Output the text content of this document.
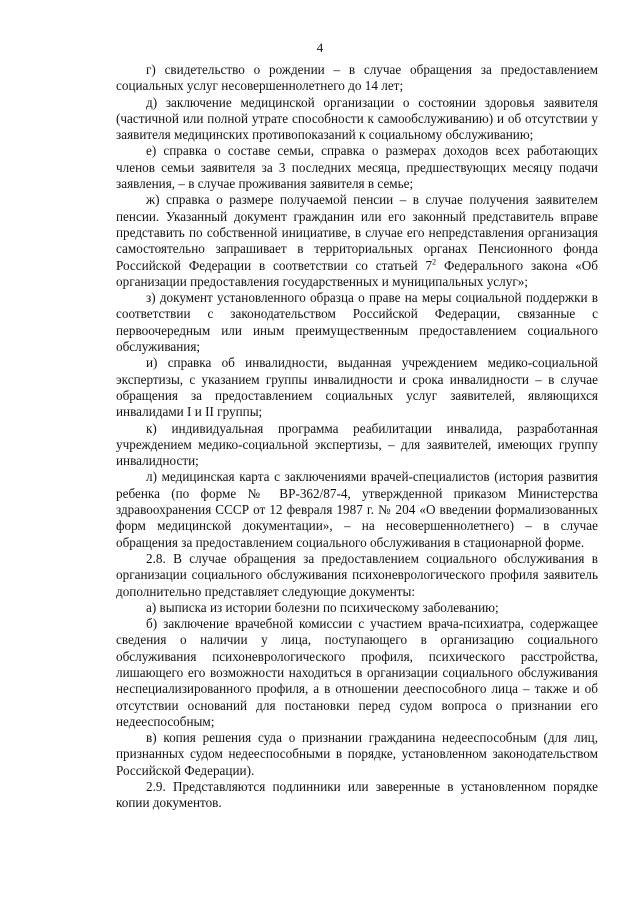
4

г) свидетельство о рождении – в случае обращения за предоставлением социальных услуг несовершеннолетнего до 14 лет;

д) заключение медицинской организации о состоянии здоровья заявителя (частичной или полной утрате способности к самообслуживанию) и об отсутствии у заявителя медицинских противопоказаний к социальному обслуживанию;

е) справка о составе семьи, справка о размерах доходов всех работающих членов семьи заявителя за 3 последних месяца, предшествующих месяцу подачи заявления, – в случае проживания заявителя в семье;

ж) справка о размере получаемой пенсии – в случае получения заявителем пенсии. Указанный документ гражданин или его законный представитель вправе представить по собственной инициативе, в случае его непредставления организация самостоятельно запрашивает в территориальных органах Пенсионного фонда Российской Федерации в соответствии со статьей $7^2$ Федерального закона «Об организации предоставления государственных и муниципальных услуг»;

з) документ установленного образца о праве на меры социальной поддержки в соответствии с законодательством Российской Федерации, связанные с первоочередным или иным преимущественным предоставлением социального обслуживания;

и) справка об инвалидности, выданная учреждением медико-социальной экспертизы, с указанием группы инвалидности и срока инвалидности – в случае обращения за предоставлением социальных услуг заявителей, являющихся инвалидами I и II группы;

к) индивидуальная программа реабилитации инвалида, разработанная учреждением медико-социальной экспертизы, – для заявителей, имеющих группу инвалидности;

л) медицинская карта с заключениями врачей-специалистов (история развития ребенка (по форме № ВР-362/87-4, утвержденной приказом Министерства здравоохранения СССР от 12 февраля 1987 г. № 204 «О введении формализованных форм медицинской документации», – на несовершеннолетнего) – в случае обращения за предоставлением социального обслуживания в стационарной форме.

2.8. В случае обращения за предоставлением социального обслуживания в организации социального обслуживания психоневрологического профиля заявитель дополнительно представляет следующие документы:

а) выписка из истории болезни по психическому заболеванию;

б) заключение врачебной комиссии с участием врача-психиатра, содержащее сведения о наличии у лица, поступающего в организацию социального обслуживания психоневрологического профиля, психического расстройства, лишающего его возможности находиться в организации социального обслуживания неспециализированного профиля, а в отношении дееспособного лица – также и об отсутствии оснований для постановки перед судом вопроса о признании его недееспособным;

в) копия решения суда о признании гражданина недееспособным (для лиц, признанных судом недееспособными в порядке, установленном законодательством Российской Федерации).

2.9. Представляются подлинники или заверенные в установленном порядке копии документов.
